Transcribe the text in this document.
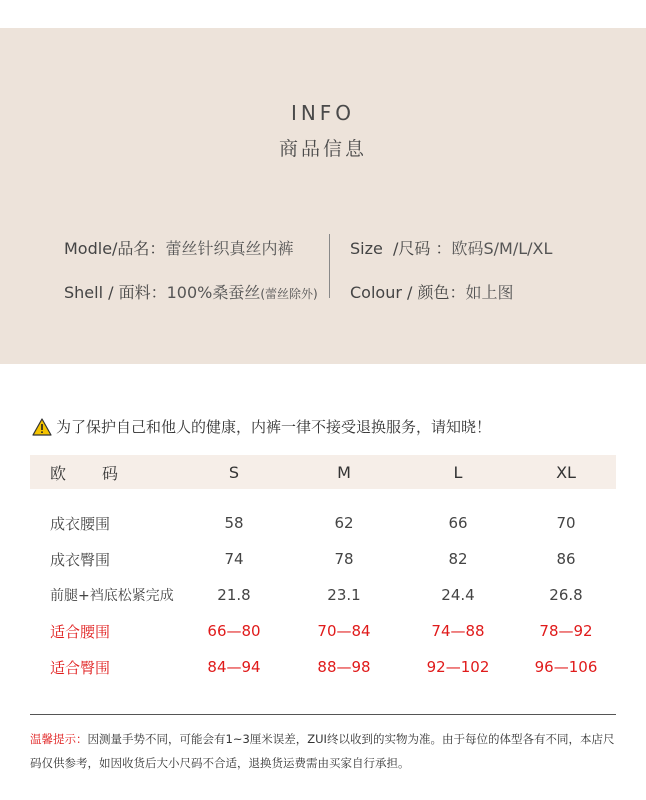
INFO
商品信息
Modle/品名：蕾丝针织真丝内裤	Size  /尺码 ：欧码S/M/L/XL
Shell / 面料：100%桑蚕丝(蕾丝除外) Colour / 颜色：如上图
为了保护自己和他人的健康，内裤一律不接受退换服务，请知晓！
欧码	S	M	L	XL
成衣腰围	58	62	66	70
成衣臀围	74	78	82	86
前腿+裆底松紧完成	21.8	23.1	24.4	26.8
适合腰围	66—80	70—84	74—88	78—92
适合臀围	84—94	88—98	92—102	96—106
温馨提示：因测量手势不同，可能会有1~3厘米误差，ZUI终以收到的实物为准。由于每位的体型各有不同，本店尺码仅供参考，如因收货后大小尺码不合适，退换货运费需由买家自行承担。
